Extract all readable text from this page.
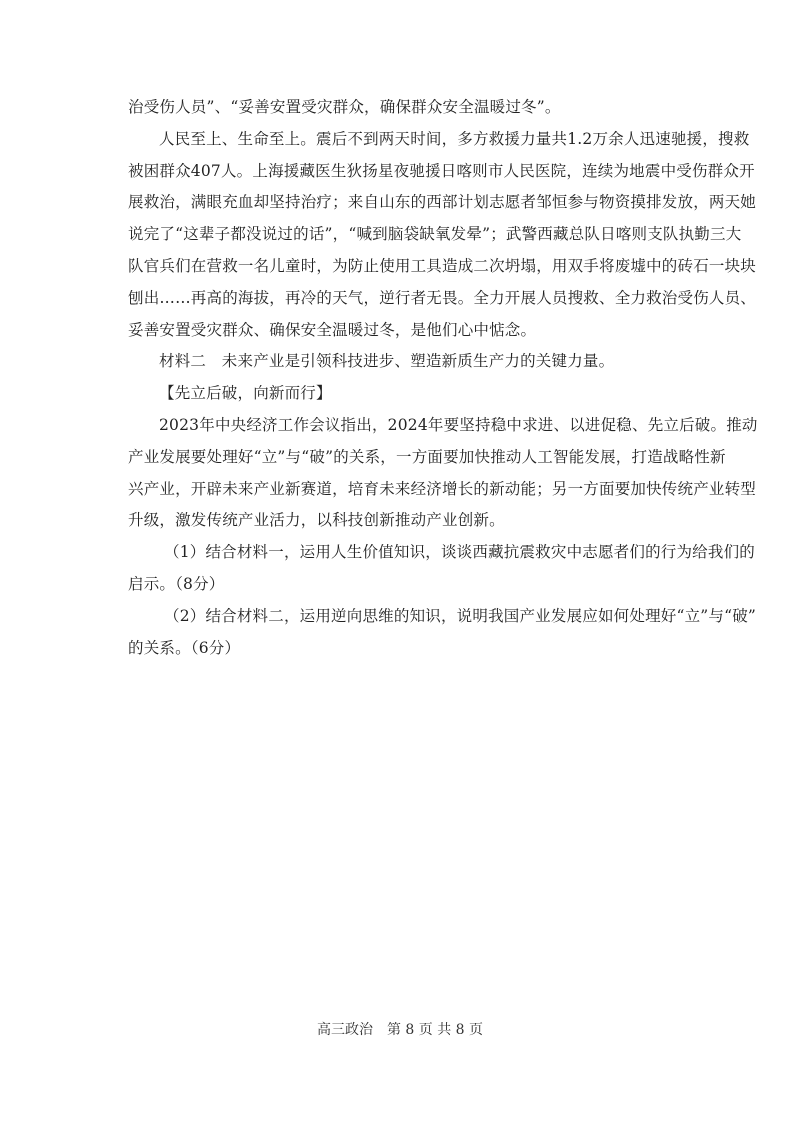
治受伤人员”、“妥善安置受灾群众，确保群众安全温暖过冬”。
人民至上、生命至上。震后不到两天时间，多方救援力量共1.2万余人迅速驰援，搜救
被困群众407人。上海援藏医生狄扬星夜驰援日喀则市人民医院，连续为地震中受伤群众开
展救治，满眼充血却坚持治疗；来自山东的西部计划志愿者邹恒参与物资摸排发放，两天她
说完了“这辈子都没说过的话”，“喊到脑袋缺氧发晕”；武警西藏总队日喀则支队执勤三大
队官兵们在营救一名儿童时，为防止使用工具造成二次坍塌，用双手将废墟中的砖石一块块
刨出……再高的海拔，再冷的天气，逆行者无畏。全力开展人员搜救、全力救治受伤人员、
妥善安置受灾群众、确保安全温暖过冬，是他们心中惦念。
材料二　未来产业是引领科技进步、塑造新质生产力的关键力量。
【先立后破，向新而行】
2023年中央经济工作会议指出，2024年要坚持稳中求进、以进促稳、先立后破。推动
产业发展要处理好“立”与“破”的关系，一方面要加快推动人工智能发展，打造战略性新
兴产业，开辟未来产业新赛道，培育未来经济增长的新动能；另一方面要加快传统产业转型
升级，激发传统产业活力，以科技创新推动产业创新。
（1）结合材料一，运用人生价值知识，谈谈西藏抗震救灾中志愿者们的行为给我们的
启示。（8分）
（2）结合材料二，运用逆向思维的知识，说明我国产业发展应如何处理好“立”与“破”
的关系。（6分）
高三政治　第 8 页 共 8 页
